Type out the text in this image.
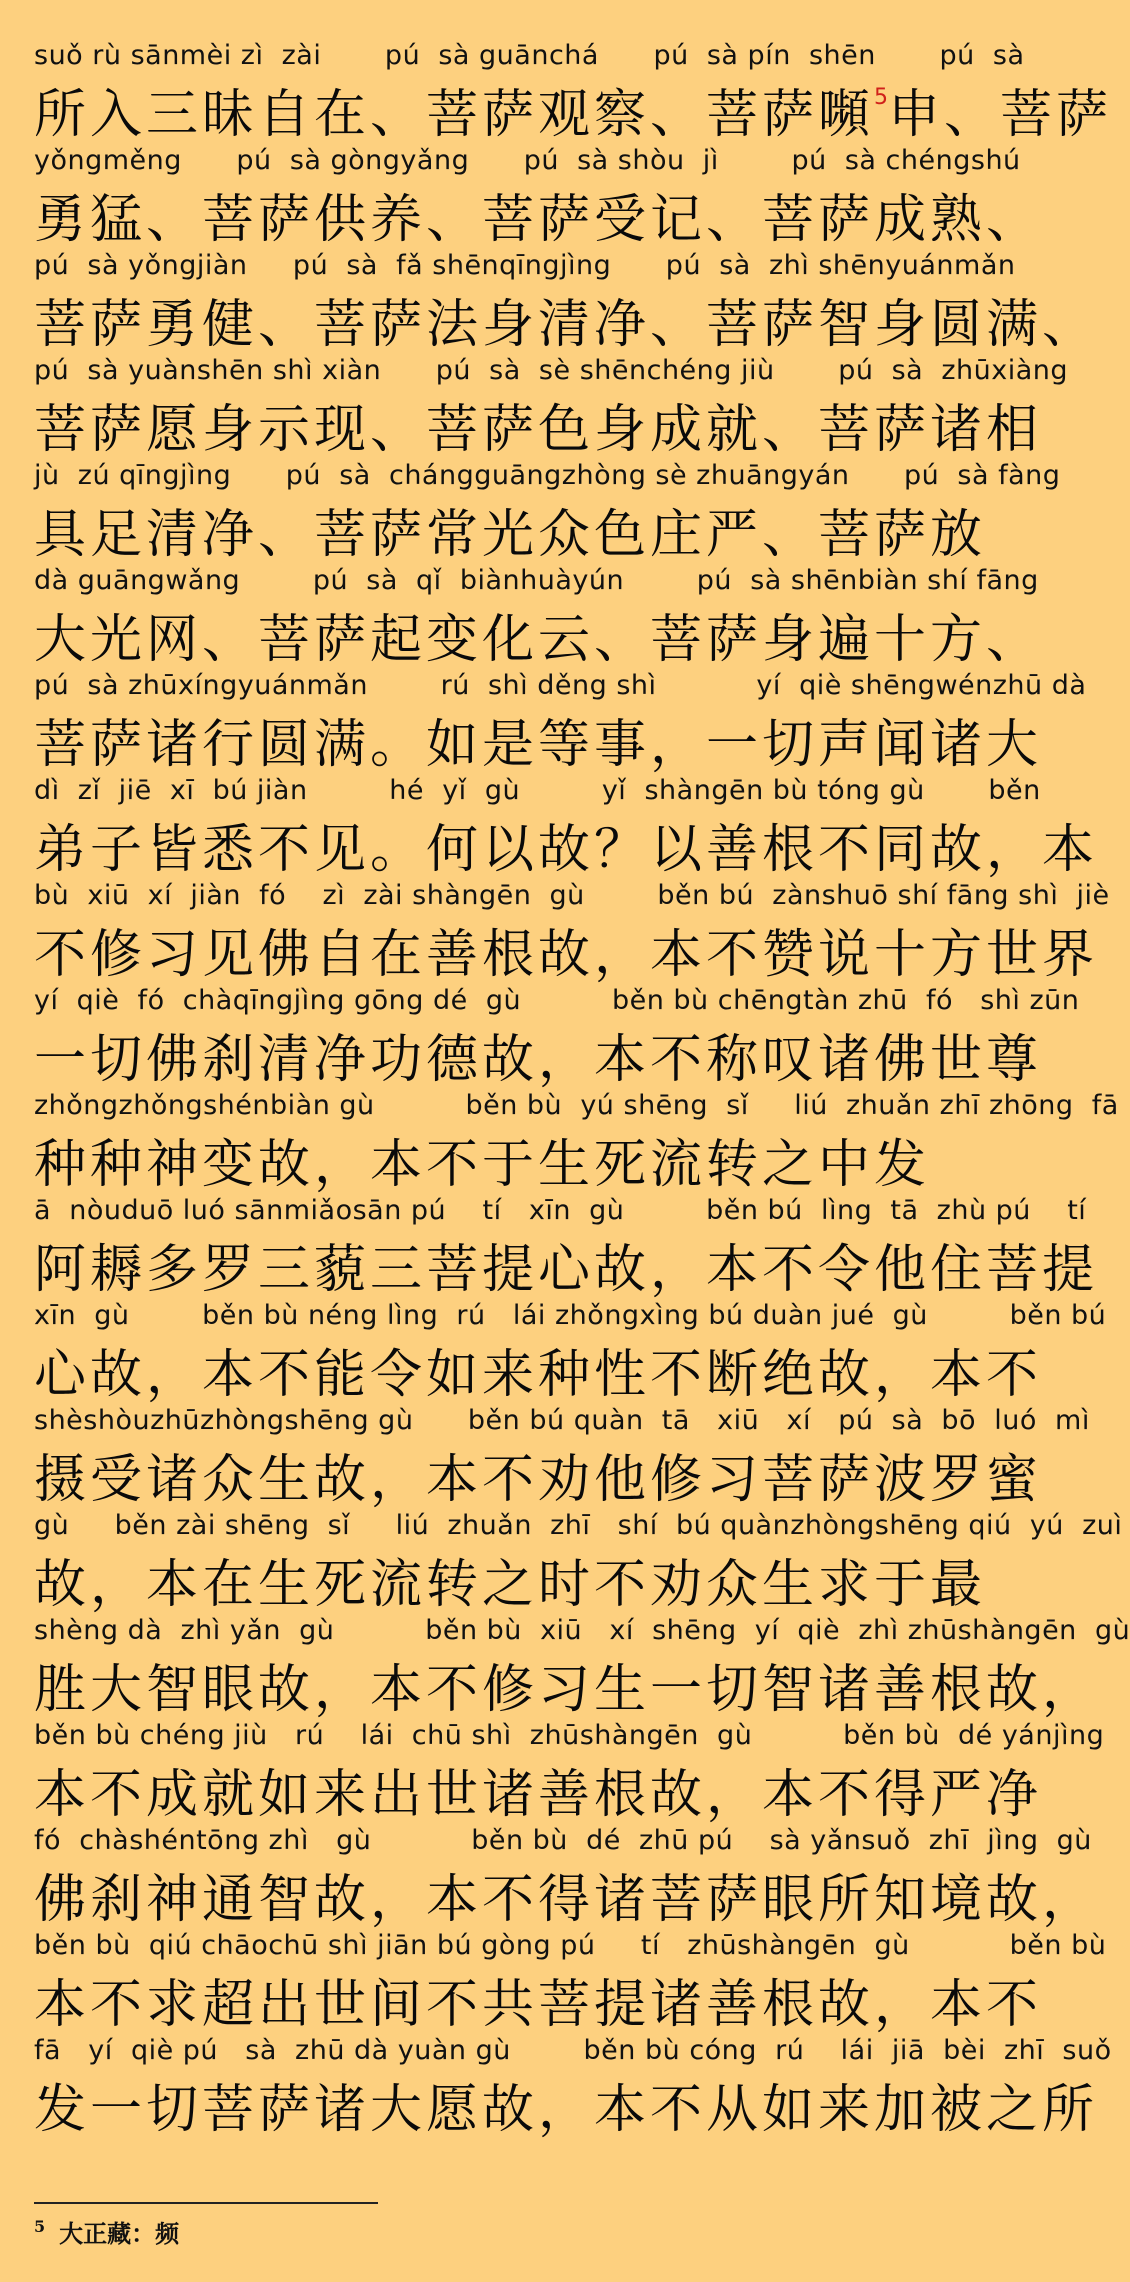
suǒ rù sānmèi zì  zài       pú  sà guānchá      pú  sà pín  shēn       pú  sà
所入三昧自在、菩萨观察、菩萨嚬$^5$申、菩萨
yǒngměng      pú  sà gòngyǎng      pú  sà shòu  jì        pú  sà chéngshú
勇猛、菩萨供养、菩萨受记、菩萨成熟、
pú  sà yǒngjiàn     pú  sà  fǎ shēnqīngjìng      pú  sà  zhì shēnyuánmǎn
菩萨勇健、菩萨法身清净、菩萨智身圆满、
pú  sà yuànshēn shì xiàn      pú  sà  sè shēnchéng jiù       pú  sà  zhūxiàng
菩萨愿身示现、菩萨色身成就、菩萨诸相
jù  zú qīngjìng      pú  sà  chángguāngzhòng sè zhuāngyán      pú  sà fàng
具足清净、菩萨常光众色庄严、菩萨放
dà guāngwǎng        pú  sà  qǐ  biànhuàyún        pú  sà shēnbiàn shí fāng
大光网、菩萨起变化云、菩萨身遍十方、
pú  sà zhūxíngyuánmǎn        rú  shì děng shì           yí  qiè shēngwénzhū dà
菩萨诸行圆满。如是等事，一切声闻诸大
dì  zǐ  jiē  xī  bú jiàn         hé  yǐ  gù         yǐ  shàngēn bù tóng gù       běn
弟子皆悉不见。何以故？以善根不同故，本
bù  xiū  xí  jiàn  fó    zì  zài shàngēn  gù        běn bú  zànshuō shí fāng shì  jiè
不修习见佛自在善根故，本不赞说十方世界
yí  qiè  fó  chàqīngjìng gōng dé  gù          běn bù chēngtàn zhū  fó   shì zūn
一切佛刹清净功德故，本不称叹诸佛世尊
zhǒngzhǒngshénbiàn gù          běn bù  yú shēng  sǐ     liú  zhuǎn zhī zhōng  fā
种种神变故，本不于生死流转之中发
ā  nòuduō luó sānmiǎosān pú    tí   xīn  gù         běn bú  lìng  tā  zhù pú    tí
阿耨多罗三藐三菩提心故，本不令他住菩提
xīn  gù        běn bù néng lìng  rú   lái zhǒngxìng bú duàn jué  gù         běn bú
心故，本不能令如来种性不断绝故，本不
shèshòuzhūzhòngshēng gù      běn bú quàn  tā   xiū   xí   pú  sà  bō  luó  mì
摄受诸众生故，本不劝他修习菩萨波罗蜜
gù     běn zài shēng  sǐ     liú  zhuǎn  zhī   shí  bú quànzhòngshēng qiú  yú  zuì
故，本在生死流转之时不劝众生求于最
shèng dà  zhì yǎn  gù          běn bù  xiū   xí  shēng  yí  qiè  zhì zhūshàngēn  gù
胜大智眼故，本不修习生一切智诸善根故，
běn bù chéng jiù   rú    lái  chū shì  zhūshàngēn  gù          běn bù  dé yánjìng
本不成就如来出世诸善根故，本不得严净
fó  chàshéntōng zhì   gù           běn bù  dé  zhū pú    sà yǎnsuǒ  zhī  jìng  gù
佛刹神通智故，本不得诸菩萨眼所知境故，
běn bù  qiú chāochū shì jiān bú gòng pú     tí   zhūshàngēn  gù           běn bù
本不求超出世间不共菩提诸善根故，本不
fā   yí  qiè pú   sà  zhū dà yuàn gù        běn bù cóng  rú    lái  jiā  bèi  zhī  suǒ
发一切菩萨诸大愿故，本不从如来加被之所
$^5$ 大正藏：频
